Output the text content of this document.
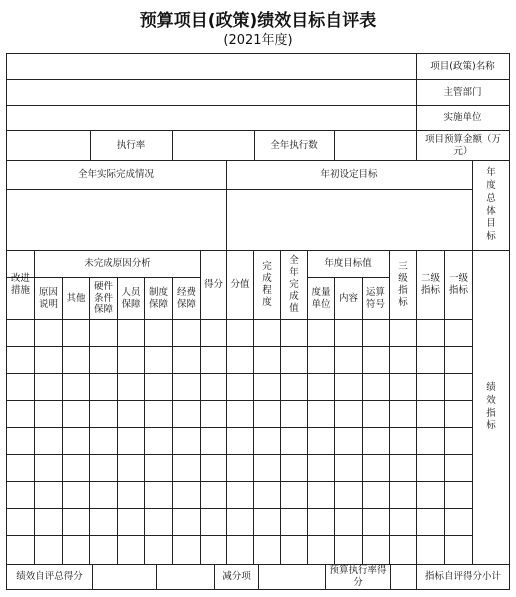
预算项目(政策)绩效目标自评表
(2021年度)
项目(政策)名称
主管部门
实施单位
项目预算金额（万元）
全年执行数
执行率
年
度
总
体
目
标
年初设定目标
全年实际完成情况
绩
效
指
标
一级指标
二级指标
三级指标
年度目标值
运算符号
内容
度量单位
全年完成值
完成程度
分值
得分
未完成原因分析
经费保障
制度保障
人员保障
硬件条件保障
其他
原因说明
改进措施
指标自评得分小计
预算执行率得分
减分项
绩效自评总得分
